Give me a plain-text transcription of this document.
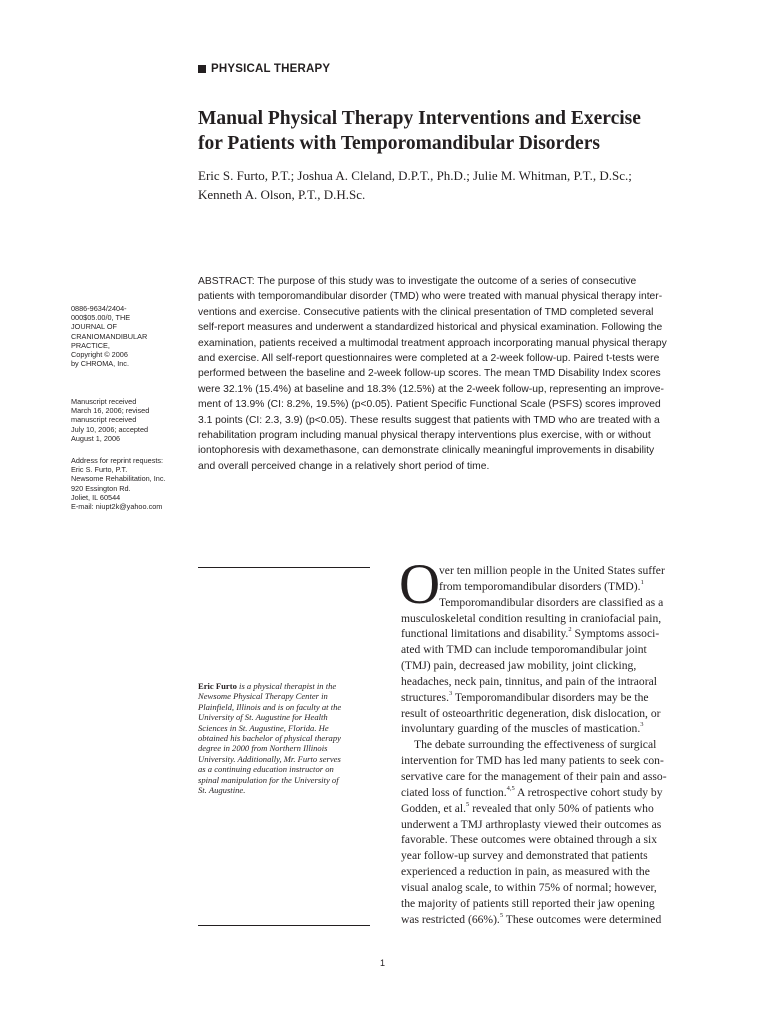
PHYSICAL THERAPY
Manual Physical Therapy Interventions and Exercise
for Patients with Temporomandibular Disorders
Eric S. Furto, P.T.; Joshua A. Cleland, D.P.T., Ph.D.; Julie M. Whitman, P.T., D.Sc.;
Kenneth A. Olson, P.T., D.H.Sc.
ABSTRACT: The purpose of this study was to investigate the outcome of a series of consecutive
patients with temporomandibular disorder (TMD) who were treated with manual physical therapy inter-
ventions and exercise. Consecutive patients with the clinical presentation of TMD completed several
self-report measures and underwent a standardized historical and physical examination. Following the
examination, patients received a multimodal treatment approach incorporating manual physical therapy
and exercise. All self-report questionnaires were completed at a 2-week follow-up. Paired t-tests were
performed between the baseline and 2-week follow-up scores. The mean TMD Disability Index scores
were 32.1% (15.4%) at baseline and 18.3% (12.5%) at the 2-week follow-up, representing an improve-
ment of 13.9% (CI: 8.2%, 19.5%) (p<0.05). Patient Specific Functional Scale (PSFS) scores improved
3.1 points (CI: 2.3, 3.9) (p<0.05). These results suggest that patients with TMD who are treated with a
rehabilitation program including manual physical therapy interventions plus exercise, with or without
iontophoresis with dexamethasone, can demonstrate clinically meaningful improvements in disability
and overall perceived change in a relatively short period of time.
0886-9634/2404-
000$05.00/0, THE
JOURNAL OF
CRANIOMANDIBULAR
PRACTICE,
Copyright © 2006
by CHROMA, Inc.
Manuscript received
March 16, 2006; revised
manuscript received
July 10, 2006; accepted
August 1, 2006
Address for reprint requests:
Eric S. Furto, P.T.
Newsome Rehabilitation, Inc.
920 Essington Rd.
Joliet, IL 60544
E-mail: niupt2k@yahoo.com
Eric Furto is a physical therapist in the
Newsome Physical Therapy Center in
Plainfield, Illinois and is on faculty at the
University of St. Augustine for Health
Sciences in St. Augustine, Florida. He
obtained his bachelor of physical therapy
degree in 2000 from Northern Illinois
University. Additionally, Mr. Furto serves
as a continuing education instructor on
spinal manipulation for the University of
St. Augustine.
O
ver ten million people in the United States suffer
from temporomandibular disorders (TMD).$^1$
Temporomandibular disorders are classified as a
musculoskeletal condition resulting in craniofacial pain,
functional limitations and disability.$^2$ Symptoms associ-
ated with TMD can include temporomandibular joint
(TMJ) pain, decreased jaw mobility, joint clicking,
headaches, neck pain, tinnitus, and pain of the intraoral
structures.$^3$ Temporomandibular disorders may be the
result of osteoarthritic degeneration, disk dislocation, or
involuntary guarding of the muscles of mastication.$^3$
The debate surrounding the effectiveness of surgical
intervention for TMD has led many patients to seek con-
servative care for the management of their pain and asso-
ciated loss of function.$^{4,5}$ A retrospective cohort study by
Godden, et al.$^5$ revealed that only 50% of patients who
underwent a TMJ arthroplasty viewed their outcomes as
favorable. These outcomes were obtained through a six
year follow-up survey and demonstrated that patients
experienced a reduction in pain, as measured with the
visual analog scale, to within 75% of normal; however,
the majority of patients still reported their jaw opening
was restricted (66%).$^5$ These outcomes were determined
1
